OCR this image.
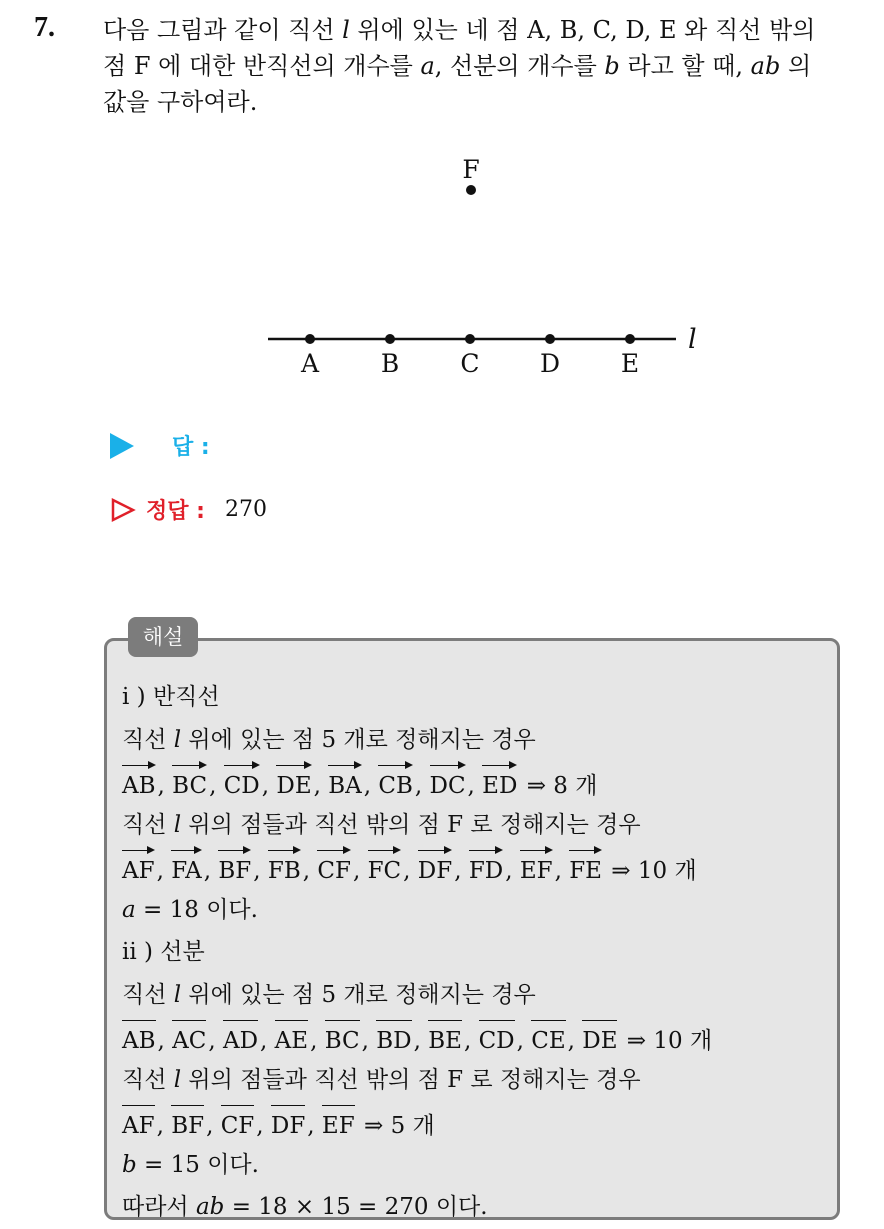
7. 다음 그림과 같이 직선 l 위에 있는 네 점 A, B, C, D, E 와 직선 밖의
점 F 에 대한 반직선의 개수를 a, 선분의 개수를 b 라고 할 때, ab 의
값을 구하여라.
F
l
A B C D E
답 :
정답 : 270
해설
i ) 반직선
직선 l 위에 있는 점 5 개로 정해지는 경우
AB, BC, CD, DE, BA, CB, DC, ED ⇒ 8 개
직선 l 위의 점들과 직선 밖의 점 F 로 정해지는 경우
AF, FA, BF, FB, CF, FC, DF, FD, EF, FE ⇒ 10 개
a = 18 이다.
ii ) 선분
직선 l 위에 있는 점 5 개로 정해지는 경우
AB, AC, AD, AE, BC, BD, BE, CD, CE, DE ⇒ 10 개
직선 l 위의 점들과 직선 밖의 점 F 로 정해지는 경우
AF, BF, CF, DF, EF ⇒ 5 개
b = 15 이다.
따라서 ab = 18 × 15 = 270 이다.
